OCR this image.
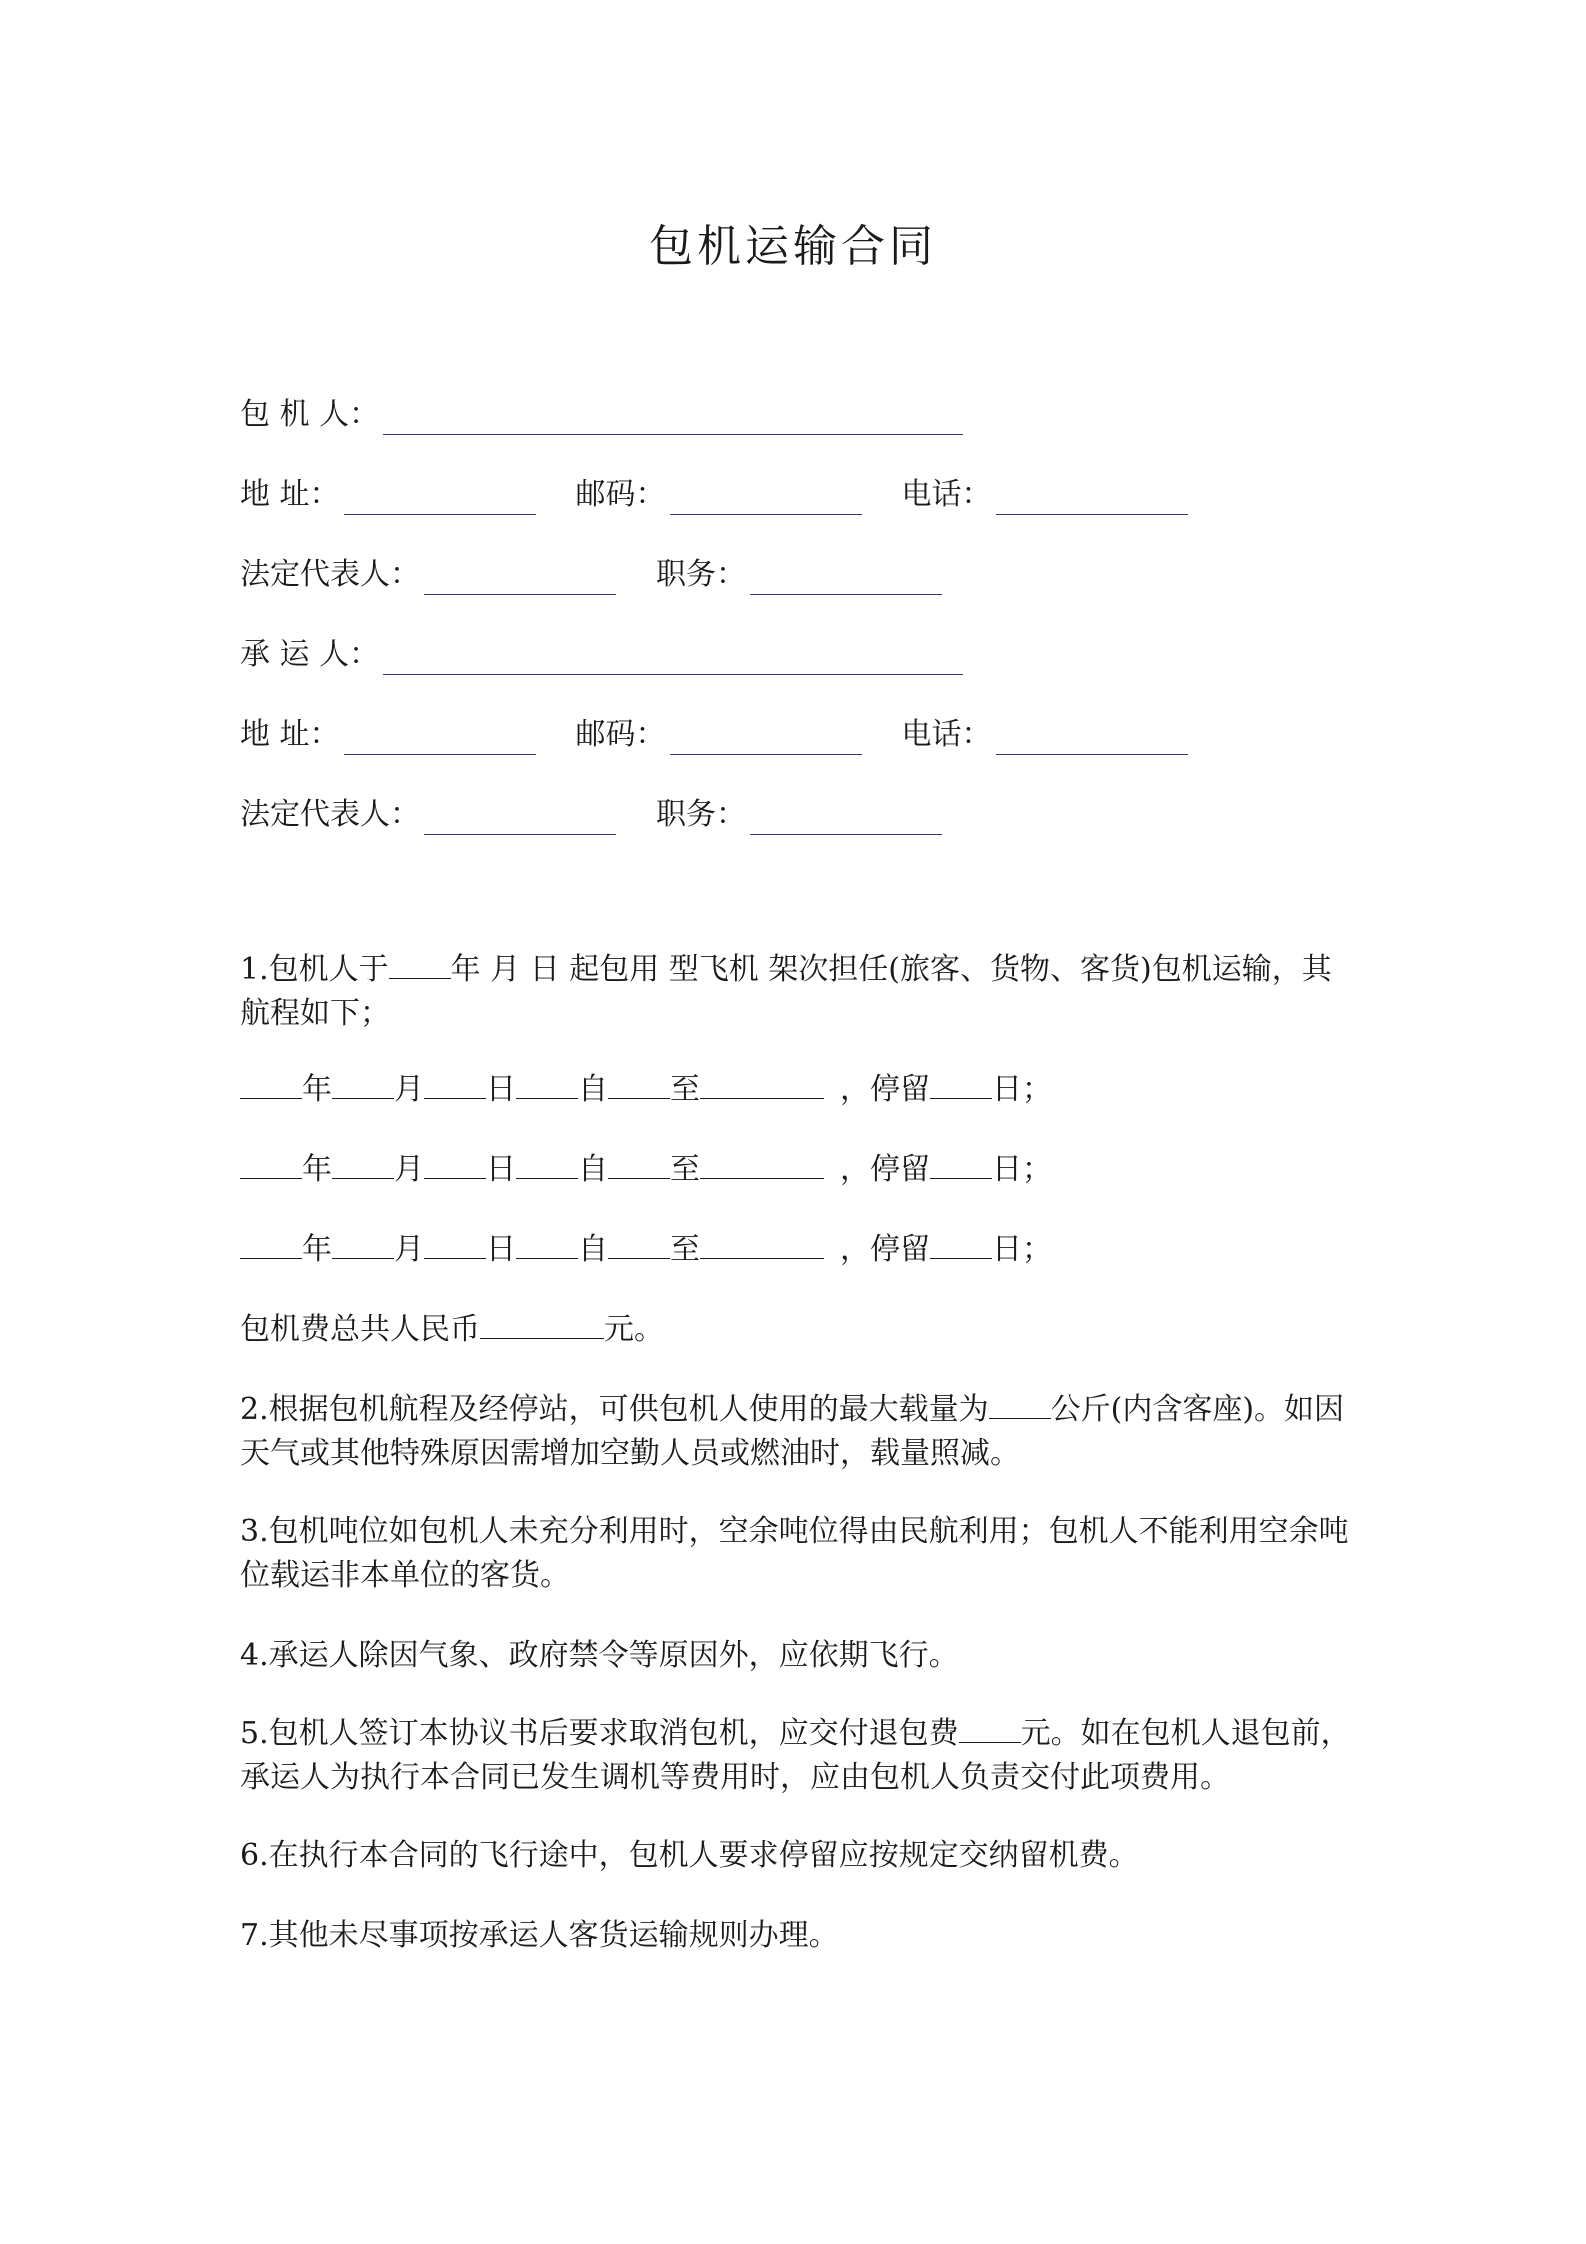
包机运输合同
包 机 人：
地 址：	邮码：	电话：
法定代表人：	职务：
承 运 人：
地 址：	邮码：	电话：
法定代表人：	职务：
1.包机人于 年 月 日 起包用 型飞机 架次担任(旅客、货物、客货)包机运输，其航程如下；
年 月 日 自 至	，停留 日；
年 月 日 自 至	，停留 日；
年 月 日 自 至	，停留 日；
包机费总共人民币	元。
2.根据包机航程及经停站，可供包机人使用的最大载量为 公斤(内含客座)。如因天气或其他特殊原因需增加空勤人员或燃油时，载量照减。
3.包机吨位如包机人未充分利用时，空余吨位得由民航利用；包机人不能利用空余吨位载运非本单位的客货。
4.承运人除因气象、政府禁令等原因外，应依期飞行。
5.包机人签订本协议书后要求取消包机，应交付退包费 元。如在包机人退包前，承运人为执行本合同已发生调机等费用时，应由包机人负责交付此项费用。
6.在执行本合同的飞行途中，包机人要求停留应按规定交纳留机费。
7.其他未尽事项按承运人客货运输规则办理。
